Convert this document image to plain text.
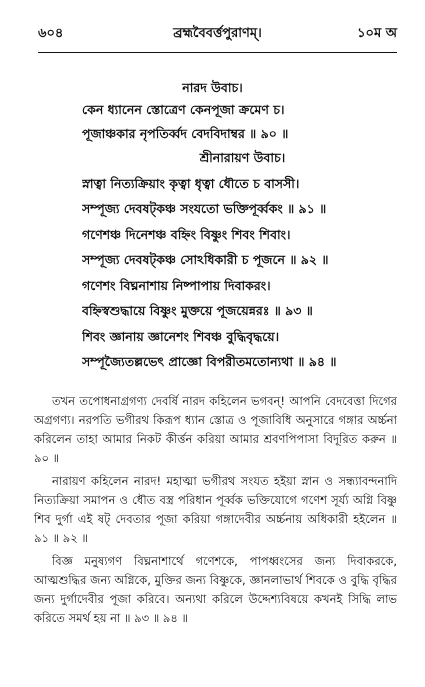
৬০৪	ব্রহ্মবৈবর্ত্তপুরাণম্।	১০ম অ
নারদ উবাচ।
কেন ধ্যানেন স্তোত্রেণ কেনপূজা ক্রমেণ চ।
পূজাঞ্চকার নৃপতিৰ্ব্বদ বেদবিদাম্বর ॥ ৯০ ॥
শ্রীনারায়ণ উবাচ।
স্নাত্বা নিত্যক্রিয়াং কৃত্বা ধৃত্বা ধৌতে চ বাসসী।
সম্পূজ্য দেবষট্কঞ্চ সংযতো ভক্তিপূর্ব্বকং ॥ ৯১ ॥
গণেশঞ্চ দিনেশঞ্চ বহ্নিং বিষ্ণুং শিবং শিবাং।
সম্পূজ্য দেবষট্কঞ্চ সোঽধিকারী চ পূজনে ॥ ৯২ ॥
গণেশং বিঘ্ননাশায় নিষ্পাপায় দিবাকরং।
বহ্নিস্বশুদ্ধায়ে বিষ্ণুং মুক্তয়ে পূজয়েন্নরঃ ॥ ৯৩ ॥
শিবং জ্ঞানায় জ্ঞানেশং শিবঞ্চ বুদ্ধিবৃদ্ধয়ে।
সম্পূজ্যৈতল্লভেৎ প্রাজ্ঞো বিপরীতমতোন্যথা ॥ ৯৪ ॥

তখন তপোধনাগ্রগণ্য দেবর্ষি নারদ কহিলেন ভগবন্! আপনি বেদবেত্তা দিগের অগ্রগণ্য। নরপতি ভগীরথ কিরূপ ধ্যান স্তোত্র ও পূজাবিধি অনুসারে গঙ্গার অর্চ্চনা করিলেন তাহা আমার নিকট কীর্ত্তন করিয়া আমার শ্রবণপিপাসা বিদূরিত করুন ॥ ৯০ ॥

নারায়ণ কহিলেন নারদ! মহাত্মা ভগীরথ সংযত হইয়া স্নান ও সন্ধ্যাবন্দনাদি নিত্যক্রিয়া সমাপন ও ধৌত বস্ত্র পরিধান পূর্ব্বক ভক্তিযোগে গণেশ সূর্য্য অগ্নি বিষ্ণু শিব দুর্গা এই ষট্ দেবতার পূজা করিয়া গঙ্গাদেবীর অর্চ্চনায় অধিকারী হইলেন ॥ ৯১ ॥ ৯২ ॥

বিজ্ঞ মনুষ্যগণ বিঘ্ননাশার্থে গণেশকে, পাপধ্বংসের জন্য দিবাকরকে, আত্মশুদ্ধির জন্য অগ্নিকে, মুক্তির জন্য বিষ্ণুকে, জ্ঞানলাভার্থ শিবকে ও বুদ্ধি বৃদ্ধির জন্য দুর্গাদেবীর পূজা করিবে। অন্যথা করিলে উদ্দেশ্যবিষয়ে কখনই সিদ্ধি লাভ করিতে সমর্থ হয় না ॥ ৯৩ ॥ ৯৪ ॥
